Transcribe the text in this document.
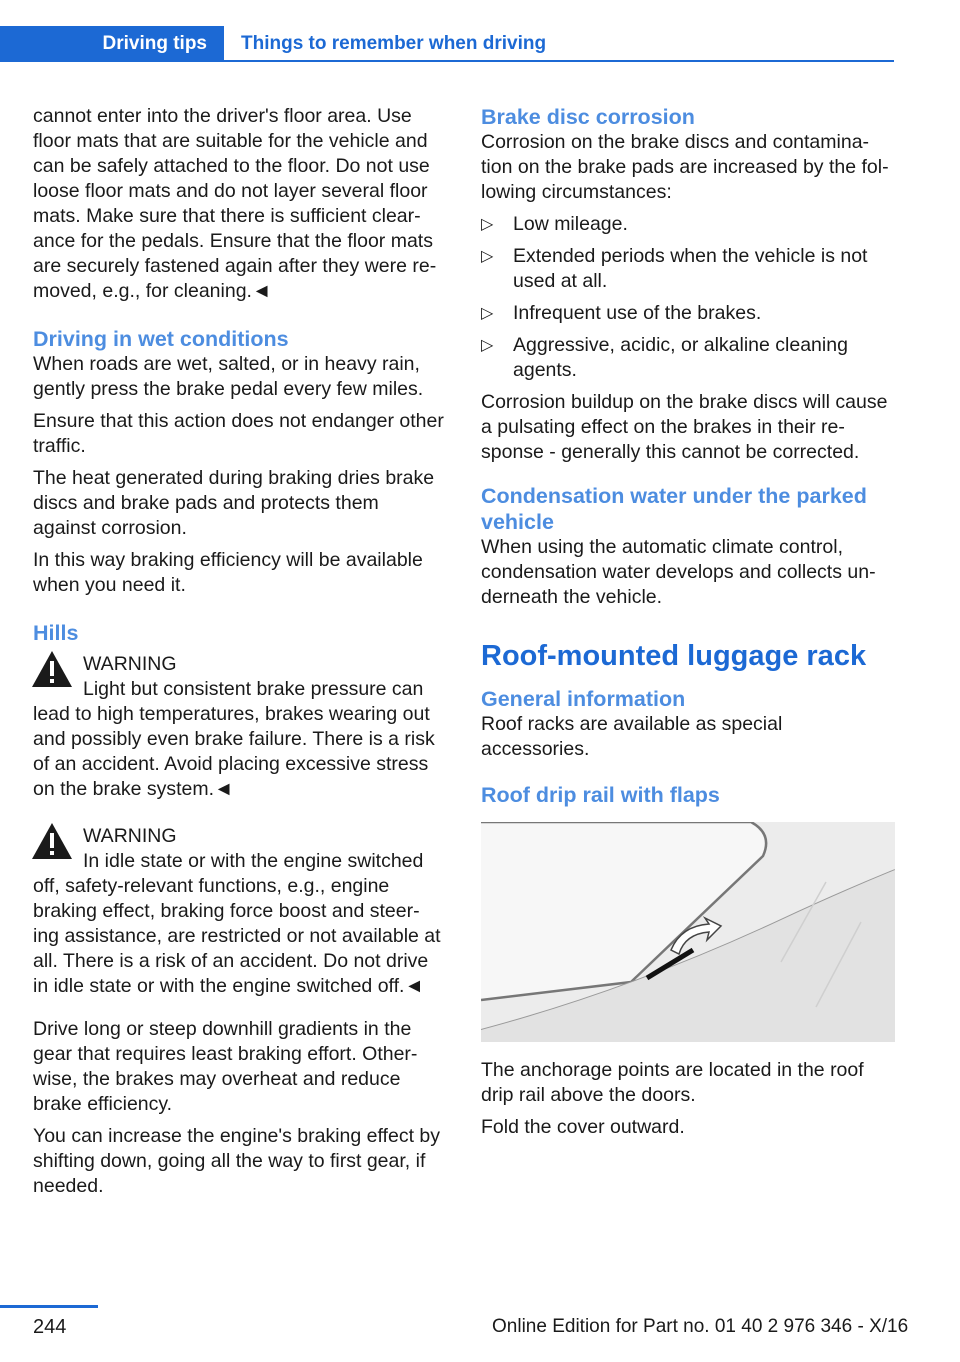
Driving tips	Things to remember when driving

cannot enter into the driver's floor area. Use floor mats that are suitable for the vehicle and can be safely attached to the floor. Do not use loose floor mats and do not layer several floor mats. Make sure that there is sufficient clear-ance for the pedals. Ensure that the floor mats are securely fastened again after they were re-moved, e.g., for cleaning.◄

Driving in wet conditions

When roads are wet, salted, or in heavy rain, gently press the brake pedal every few miles.

Ensure that this action does not endanger other traffic.

The heat generated during braking dries brake discs and brake pads and protects them against corrosion.

In this way braking efficiency will be available when you need it.

Hills
WARNING

Light but consistent brake pressure can
lead to high temperatures, brakes wearing out and possibly even brake failure. There is a risk of an accident. Avoid placing excessive stress on the brake system.◄

WARNING

In idle state or with the engine switched
off, safety-relevant functions, e.g., engine braking effect, braking force boost and steer-ing assistance, are restricted or not available at all. There is a risk of an accident. Do not drive in idle state or with the engine switched off.◄

Drive long or steep downhill gradients in the gear that requires least braking effort. Other-wise, the brakes may overheat and reduce brake efficiency.

You can increase the engine's braking effect by shifting down, going all the way to first gear, if needed.

Brake disc corrosion

Corrosion on the brake discs and contamina-tion on the brake pads are increased by the fol-lowing circumstances:

▷ Low mileage.
▷ Extended periods when the vehicle is not used at all.
▷ Infrequent use of the brakes.
▷ Aggressive, acidic, or alkaline cleaning agents.

Corrosion buildup on the brake discs will cause a pulsating effect on the brakes in their re-sponse - generally this cannot be corrected.

Condensation water under the parked vehicle

When using the automatic climate control, condensation water develops and collects un-derneath the vehicle.

Roof-mounted luggage rack
General information

Roof racks are available as special accessories.

Roof drip rail with flaps

The anchorage points are located in the roof drip rail above the doors.

Fold the cover outward.

244	Online Edition for Part no. 01 40 2 976 346 - X/16
